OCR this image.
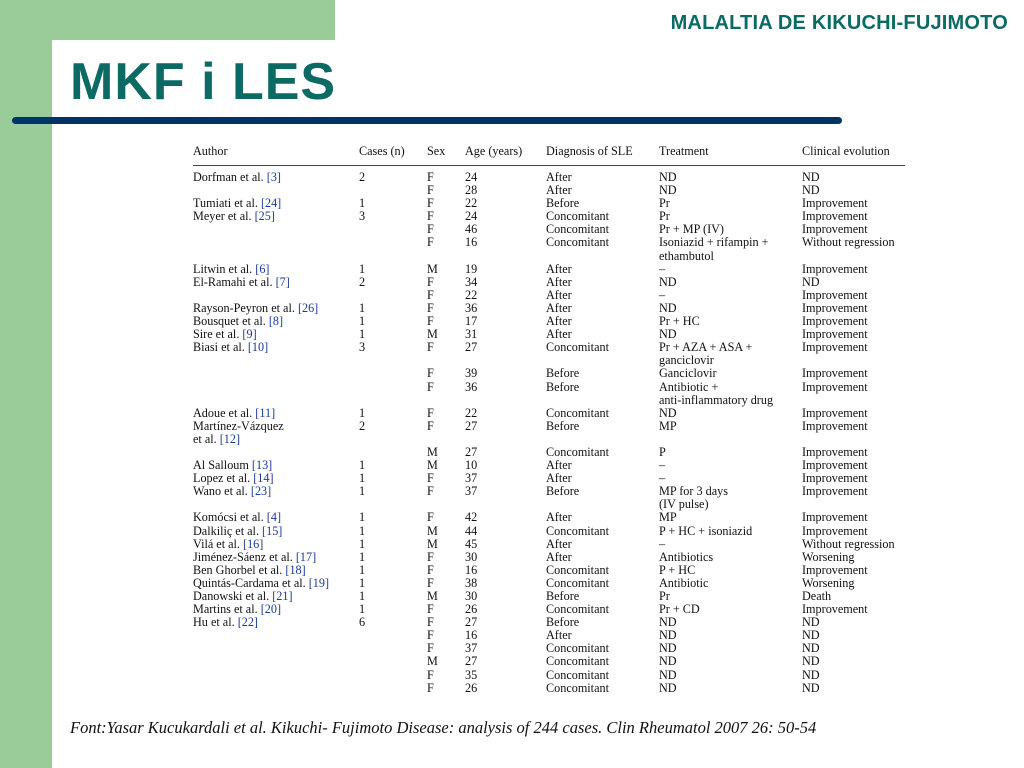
MALALTIA DE KIKUCHI-FUJIMOTO
MKF i LES
Author	Cases (n)	Sex	Age (years)	Diagnosis of SLE	Treatment	Clinical evolution
Dorfman et al. [3]	2	F	24	After	ND	ND
		F	28	After	ND	ND
Tumiati et al. [24]	1	F	22	Before	Pr	Improvement
Meyer et al. [25]	3	F	24	Concomitant	Pr	Improvement
		F	46	Concomitant	Pr + MP (IV)	Improvement
		F	16	Concomitant	Isoniazid + rifampin +	Without regression
					ethambutol	
Litwin et al. [6]	1	M	19	After	–	Improvement
El-Ramahi et al. [7]	2	F	34	After	ND	ND
		F	22	After	–	Improvement
Rayson-Peyron et al. [26]	1	F	36	After	ND	Improvement
Bousquet et al. [8]	1	F	17	After	Pr + HC	Improvement
Sire et al. [9]	1	M	31	After	ND	Improvement
Biasi et al. [10]	3	F	27	Concomitant	Pr + AZA + ASA +	Improvement
					ganciclovir	
		F	39	Before	Ganciclovir	Improvement
		F	36	Before	Antibiotic +	Improvement
					anti-inflammatory drug	
Adoue et al. [11]	1	F	22	Concomitant	ND	Improvement
Martínez-Vázquez	2	F	27	Before	MP	Improvement
et al. [12]						
		M	27	Concomitant	P	Improvement
Al Salloum [13]	1	M	10	After	–	Improvement
Lopez et al. [14]	1	F	37	After	–	Improvement
Wano et al. [23]	1	F	37	Before	MP for 3 days	Improvement
					(IV pulse)	
Komócsi et al. [4]	1	F	42	After	MP	Improvement
Dalkiliç et al. [15]	1	M	44	Concomitant	P + HC + isoniazid	Improvement
Vilá et al. [16]	1	M	45	After	–	Without regression
Jiménez-Sáenz et al. [17]	1	F	30	After	Antibiotics	Worsening
Ben Ghorbel et al. [18]	1	F	16	Concomitant	P + HC	Improvement
Quintás-Cardama et al. [19]	1	F	38	Concomitant	Antibiotic	Worsening
Danowski et al. [21]	1	M	30	Before	Pr	Death
Martins et al. [20]	1	F	26	Concomitant	Pr + CD	Improvement
Hu et al. [22]	6	F	27	Before	ND	ND
		F	16	After	ND	ND
		F	37	Concomitant	ND	ND
		M	27	Concomitant	ND	ND
		F	35	Concomitant	ND	ND
		F	26	Concomitant	ND	ND
Font:Yasar Kucukardali et al. Kikuchi- Fujimoto Disease: analysis of 244 cases. Clin Rheumatol 2007 26: 50-54
